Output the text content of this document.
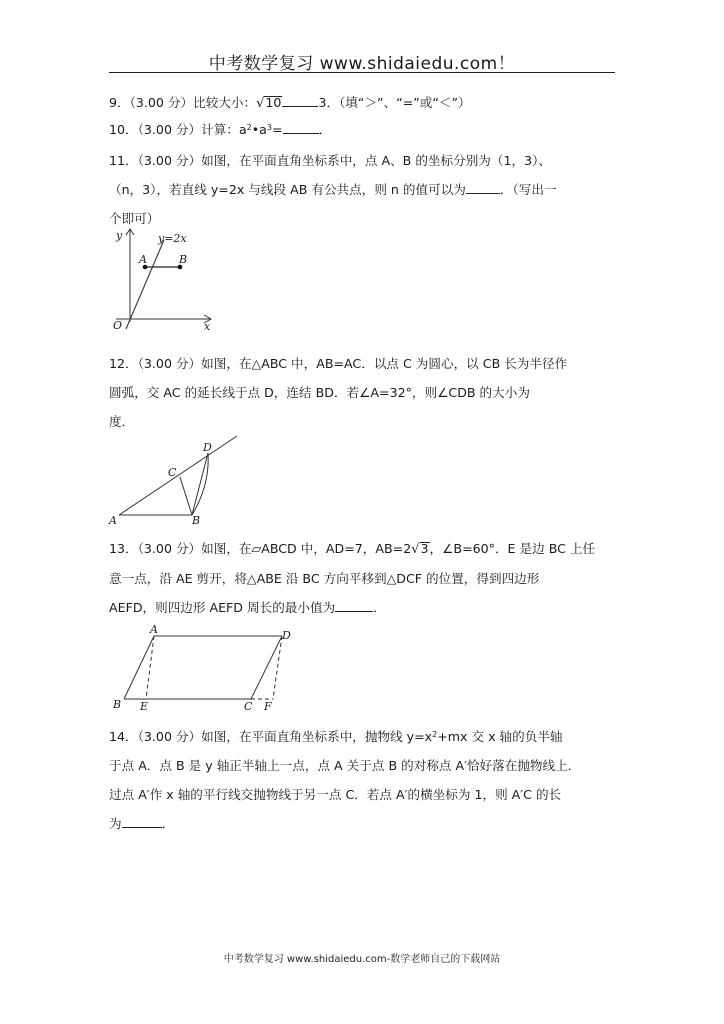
中考数学复习 www.shidaiedu.com！

9．（3.00 分）比较大小：√10	3．（填“＞”、“=”或“＜”）

10．（3.00 分）计算：$a^2•a^3=$	．

11．（3.00 分）如图，在平面直角坐标系中，点 A、B 的坐标分别为（1，3）、

（n，3），若直线 y=2x 与线段 AB 有公共点，则 n 的值可以为	．（写出一

个即可）

y
x
O
y=2x
A	B

12．（3.00 分）如图，在△ABC 中，AB=AC．以点 C 为圆心，以 CB 长为半径作

圆弧，交 AC 的延长线于点 D，连结 BD．若∠A=32°，则∠CDB 的大小为

度．

A	B
C
D

13．（3.00 分）如图，在▱ABCD 中，AD=7，AB=2√3，∠B=60°．E 是边 BC 上任

意一点，沿 AE 剪开，将△ABE 沿 BC 方向平移到△DCF 的位置，得到四边形

AEFD，则四边形 AEFD 周长的最小值为	．

A	D
B E	C F

14．（3.00 分）如图，在平面直角坐标系中，抛物线 $y=x^2+mx$ 交 x 轴的负半轴

于点 A．点 B 是 y 轴正半轴上一点，点 A 关于点 B 的对称点 A′恰好落在抛物线上．

过点 A′作 x 轴的平行线交抛物线于另一点 C．若点 A′的横坐标为 1，则 A′C 的长

为	．

中考数学复习 www.shidaiedu.com-数学老师自己的下载网站
